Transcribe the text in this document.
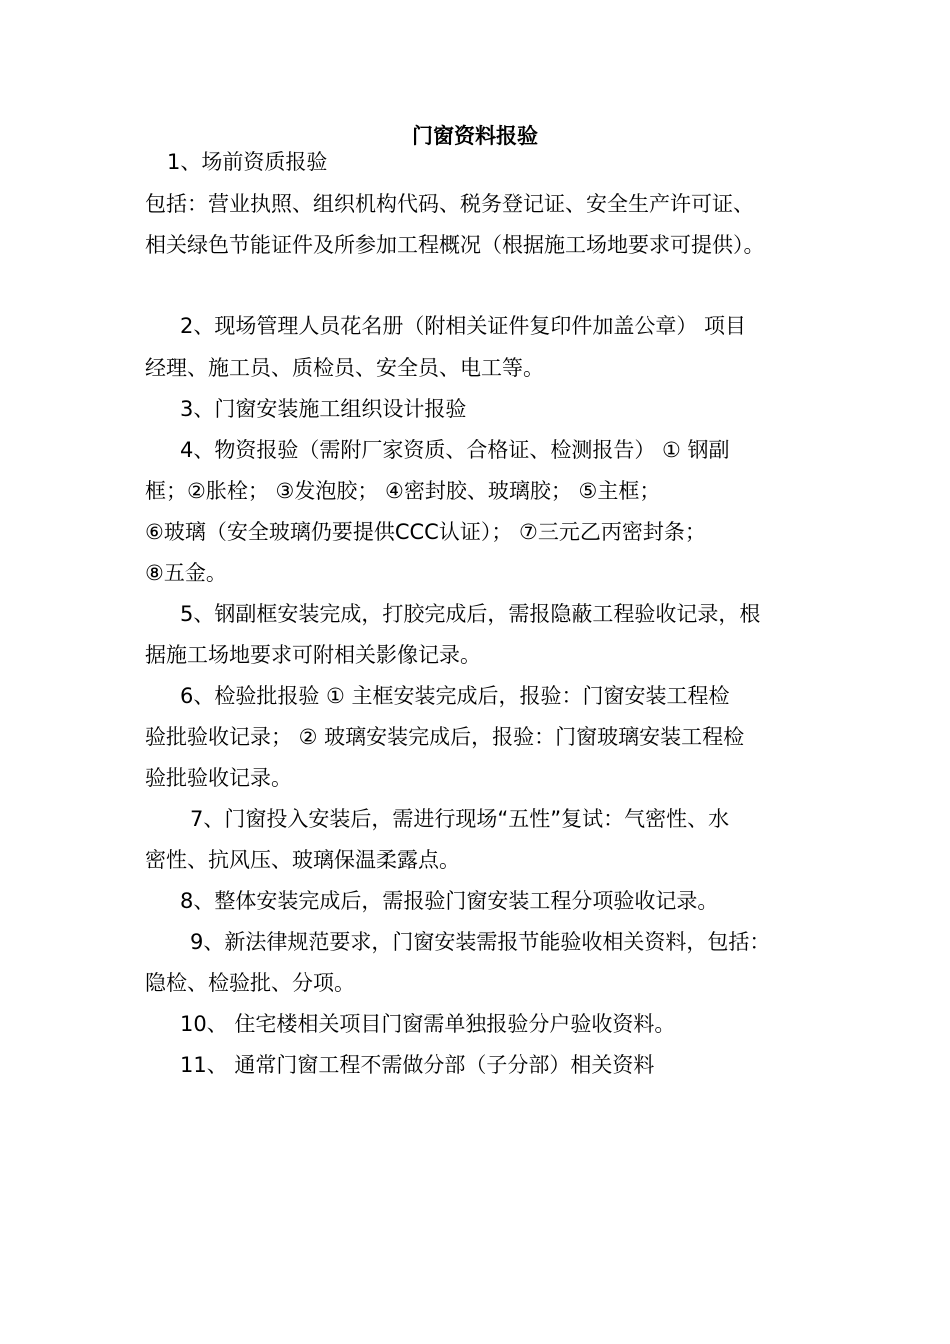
门窗资料报验
1、场前资质报验
包括：营业执照、组织机构代码、税务登记证、安全生产许可证、
相关绿色节能证件及所参加工程概况（根据施工场地要求可提供）。
2、现场管理人员花名册（附相关证件复印件加盖公章） 项目
经理、施工员、质检员、安全员、电工等。
3、门窗安装施工组织设计报验
4、物资报验（需附厂家资质、合格证、检测报告） ① 钢副
框；②胀栓； ③发泡胶； ④密封胶、玻璃胶； ⑤主框；
⑥玻璃（安全玻璃仍要提供CCC认证）； ⑦三元乙丙密封条；
⑧五金。
5、钢副框安装完成，打胶完成后，需报隐蔽工程验收记录，根
据施工场地要求可附相关影像记录。
6、检验批报验 ① 主框安装完成后，报验：门窗安装工程检
验批验收记录； ② 玻璃安装完成后，报验：门窗玻璃安装工程检
验批验收记录。
7、门窗投入安装后，需进行现场“五性”复试：气密性、水
密性、抗风压、玻璃保温柔露点。
8、整体安装完成后，需报验门窗安装工程分项验收记录。
9、新法律规范要求，门窗安装需报节能验收相关资料，包括：
隐检、检验批、分项。
10、 住宅楼相关项目门窗需单独报验分户验收资料。
11、 通常门窗工程不需做分部（子分部）相关资料
